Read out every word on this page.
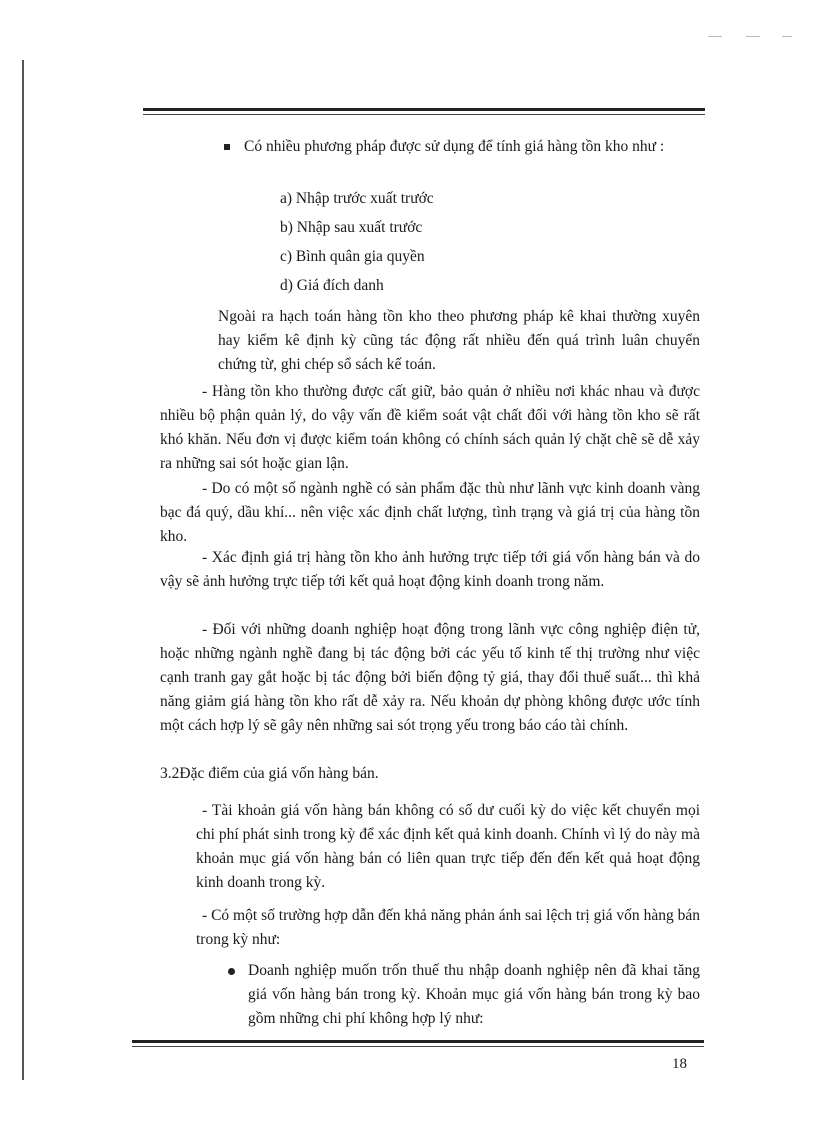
Có nhiều phương pháp được sử dụng để tính giá hàng tồn kho như :

a) Nhập trước xuất trước

b) Nhập sau xuất trước

c) Bình quân gia quyền

d) Giá đích danh

Ngoài ra hạch toán hàng tồn kho theo phương pháp kê khai thường xuyên hay kiểm kê định kỳ cũng tác động rất nhiều đến quá trình luân chuyển chứng từ, ghi chép sổ sách kế toán.

- Hàng tồn kho thường được cất giữ, bảo quản ở nhiều nơi khác nhau và được nhiều bộ phận quản lý, do vậy vấn đề kiểm soát vật chất đối với hàng tồn kho sẽ rất khó khăn. Nếu đơn vị được kiểm toán không có chính sách quản lý chặt chẽ sẽ dễ xảy ra những sai sót hoặc gian lận.

- Do có một số ngành nghề có sản phẩm đặc thù như lãnh vực kinh doanh vàng bạc đá quý, dầu khí... nên việc xác định chất lượng, tình trạng và giá trị của hàng tồn kho.

- Xác định giá trị hàng tồn kho ảnh hưởng trực tiếp tới giá vốn hàng bán và do vậy sẽ ảnh hưởng trực tiếp tới kết quả hoạt động kinh doanh trong năm.

- Đối với những doanh nghiệp hoạt động trong lãnh vực công nghiệp điện tử, hoặc những ngành nghề đang bị tác động bởi các yếu tố kinh tế thị trường như việc cạnh tranh gay gắt hoặc bị tác động bởi biến động tỷ giá, thay đổi thuế suất... thì khả năng giảm giá hàng tồn kho rất dễ xảy ra. Nếu khoản dự phòng không được ước tính một cách hợp lý sẽ gây nên những sai sót trọng yếu trong báo cáo tài chính.

3.2Đặc điểm của giá vốn hàng bán.

- Tài khoản giá vốn hàng bán không có số dư cuối kỳ do việc kết chuyển mọi chi phí phát sinh trong kỳ để xác định kết quả kinh doanh. Chính vì lý do này mà khoản mục giá vốn hàng bán có liên quan trực tiếp đến đến kết quả hoạt động kinh doanh trong kỳ.

- Có một số trường hợp dẫn đến khả năng phản ánh sai lệch trị giá vốn hàng bán trong kỳ như:

Doanh nghiệp muốn trốn thuế thu nhập doanh nghiệp nên đã khai tăng giá vốn hàng bán trong kỳ. Khoản mục giá vốn hàng bán trong kỳ bao gồm những chi phí không hợp lý như:

18
